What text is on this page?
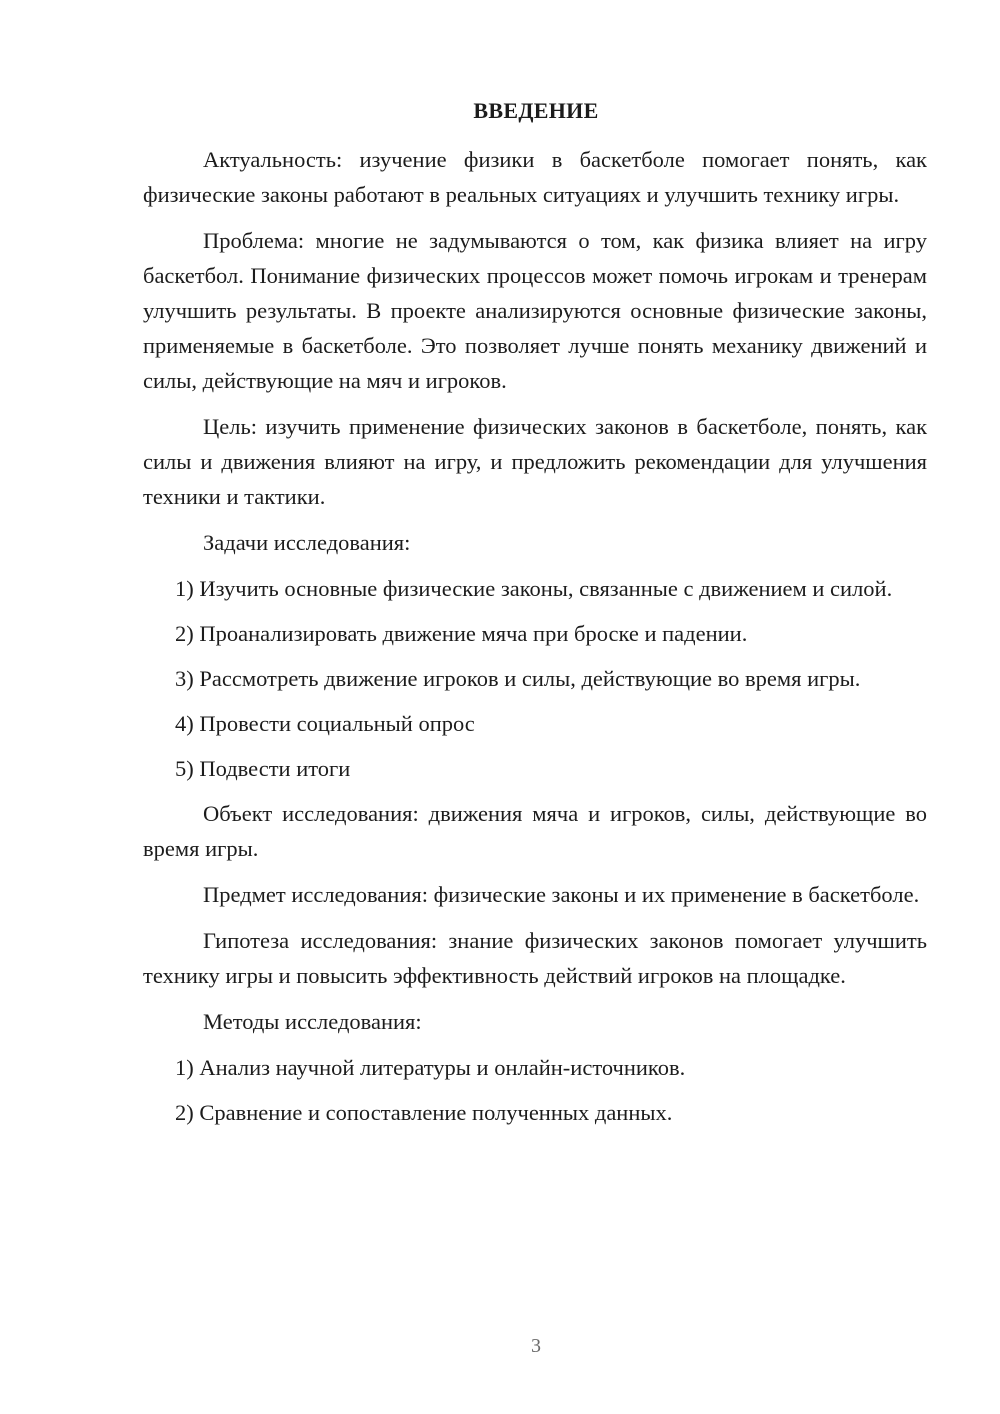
ВВЕДЕНИЕ

Актуальность: изучение физики в баскетболе помогает понять, как физические законы работают в реальных ситуациях и улучшить технику игры.

Проблема: многие не задумываются о том, как физика влияет на игру баскетбол. Понимание физических процессов может помочь игрокам и тренерам улучшить результаты. В проекте анализируются основные физические законы, применяемые в баскетболе. Это позволяет лучше понять механику движений и силы, действующие на мяч и игроков.

Цель: изучить применение физических законов в баскетболе, понять, как силы и движения влияют на игру, и предложить рекомендации для улучшения техники и тактики.

Задачи исследования:

1) Изучить основные физические законы, связанные с движением и силой.

2) Проанализировать движение мяча при броске и падении.

3) Рассмотреть движение игроков и силы, действующие во время игры.

4) Провести социальный опрос

5) Подвести итоги

Объект исследования: движения мяча и игроков, силы, действующие во время игры.

Предмет исследования: физические законы и их применение в баскетболе.

Гипотеза исследования: знание физических законов помогает улучшить технику игры и повысить эффективность действий игроков на площадке.

Методы исследования:

1) Анализ научной литературы и онлайн-источников.

2) Сравнение и сопоставление полученных данных.

3
